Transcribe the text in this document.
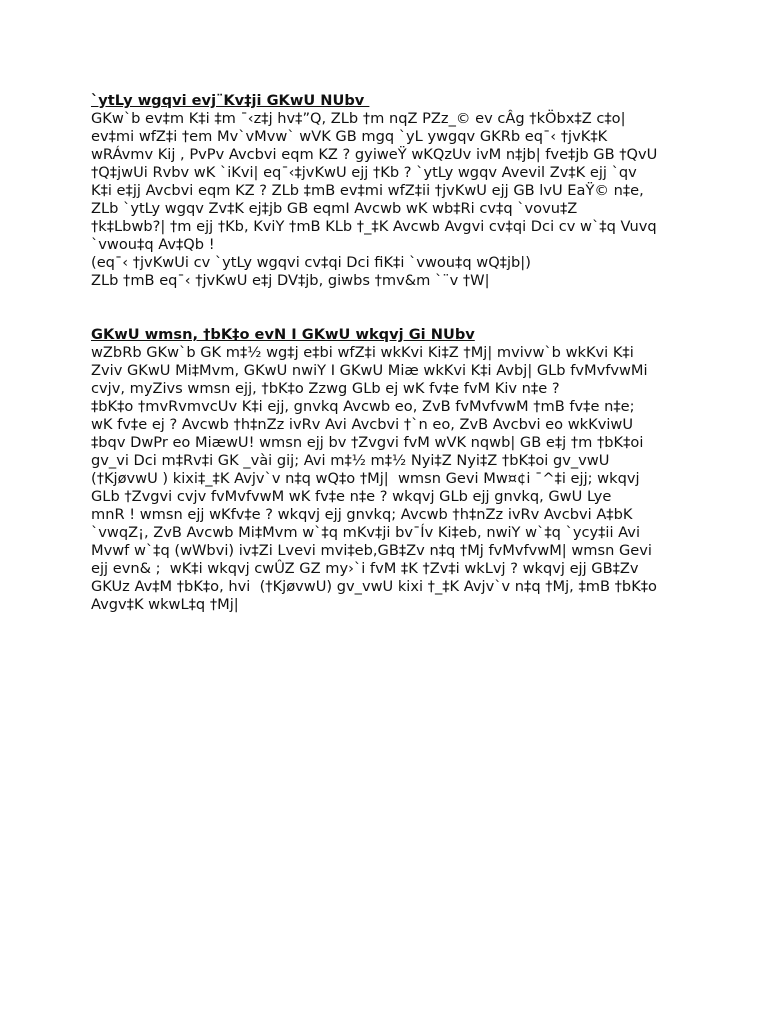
`ytLy wgqvi evj¨Kv‡ji GKwU NUbv
GKw`b ev‡m K‡i ‡m ¯‹z‡j hv‡”Q, ZLb †m nqZ PZz_© ev cÂg †kÖbx‡Z c‡o|
ev‡mi wfZ‡i †em Mv`vMvw` wVK GB mgq `yL ywgqv GKRb eq¯‹ †jvK‡K
wRÁvmv Kij , PvPv Avcbvi eqm KZ ? gyiweŸ wKQzUv ivM n‡jb| fve‡jb GB †QvU
†Q‡jwUi Rvbv wK `iKvi| eq¯‹‡jvKwU ejj †Kb ? `ytLy wgqv Avevil Zv‡K ejj `qv
K‡i e‡jj Avcbvi eqm KZ ? ZLb ‡mB ev‡mi wfZ‡ii †jvKwU ejj GB lvU EaŸ© n‡e,
ZLb `ytLy wgqv Zv‡K ej‡jb GB eqmI Avcwb wK wb‡Ri cv‡q `vovu‡Z
†k‡Lbwb?| †m ejj †Kb, KviY †mB KLb †_‡K Avcwb Avgvi cv‡qi Dci cv w`‡q Vuvq
`vwou‡q Av‡Qb !
(eq¯‹ †jvKwUi cv `ytLy wgqvi cv‡qi Dci fiK‡i `vwou‡q wQ‡jb|)
ZLb †mB eq¯‹ †jvKwU e‡j DV‡jb, giwbs †mv&m `¨v †W|
GKwU wmsn, †bK‡o evN I GKwU wkqvj Gi NUbv
wZbRb GKw`b GK m‡½ wg‡j e‡bi wfZ‡i wkKvi Ki‡Z †Mj| mvivw`b wkKvi K‡i
Zviv GKwU Mi‡Mvm, GKwU nwiY I GKwU Miæ wkKvi K‡i Avbj| GLb fvMvfvwMi
cvjv, myZivs wmsn ejj, †bK‡o Zzwg GLb ej wK fv‡e fvM Kiv n‡e ?
‡bK‡o †mvRvmvcUv K‡i ejj, gnvkq Avcwb eo, ZvB fvMvfvwM †mB fv‡e n‡e;
wK fv‡e ej ? Avcwb †h‡nZz ivRv Avi Avcbvi †`n eo, ZvB Avcbvi eo wkKviwU
‡bqv DwPr eo MiæwU! wmsn ejj bv †Zvgvi fvM wVK nqwb| GB e‡j †m †bK‡oi
gv_vi Dci m‡Rv‡i GK _vài gij; Avi m‡½ m‡½ Nyi‡Z Nyi‡Z †bK‡oi gv_vwU
(†KjøvwU ) kixi‡_‡K Avjv`v n‡q wQ‡o †Mj|  wmsn Gevi Mw¤¢i ¯^‡i ejj; wkqvj
GLb †Zvgvi cvjv fvMvfvwM wK fv‡e n‡e ? wkqvj GLb ejj gnvkq, GwU Lye
mnR ! wmsn ejj wKfv‡e ? wkqvj ejj gnvkq; Avcwb †h‡nZz ivRv Avcbvi A‡bK
`vwqZ¡, ZvB Avcwb Mi‡Mvm w`‡q mKv‡ji bv¯Ív Ki‡eb, nwiY w`‡q `ycy‡ii Avi
Mvwf w`‡q (wWbvi) iv‡Zi Lvevi mvi‡eb,GB‡Zv n‡q †Mj fvMvfvwM| wmsn Gevi
ejj evn& ;  wK‡i wkqvj cwÛZ GZ my›`i fvM ‡K †Zv‡i wkLvj ? wkqvj ejj GB‡Zv
GKUz Av‡M †bK‡o, hvi  (†KjøvwU) gv_vwU kixi †_‡K Avjv`v n‡q †Mj, ‡mB †bK‡o
Avgv‡K wkwL‡q †Mj|
